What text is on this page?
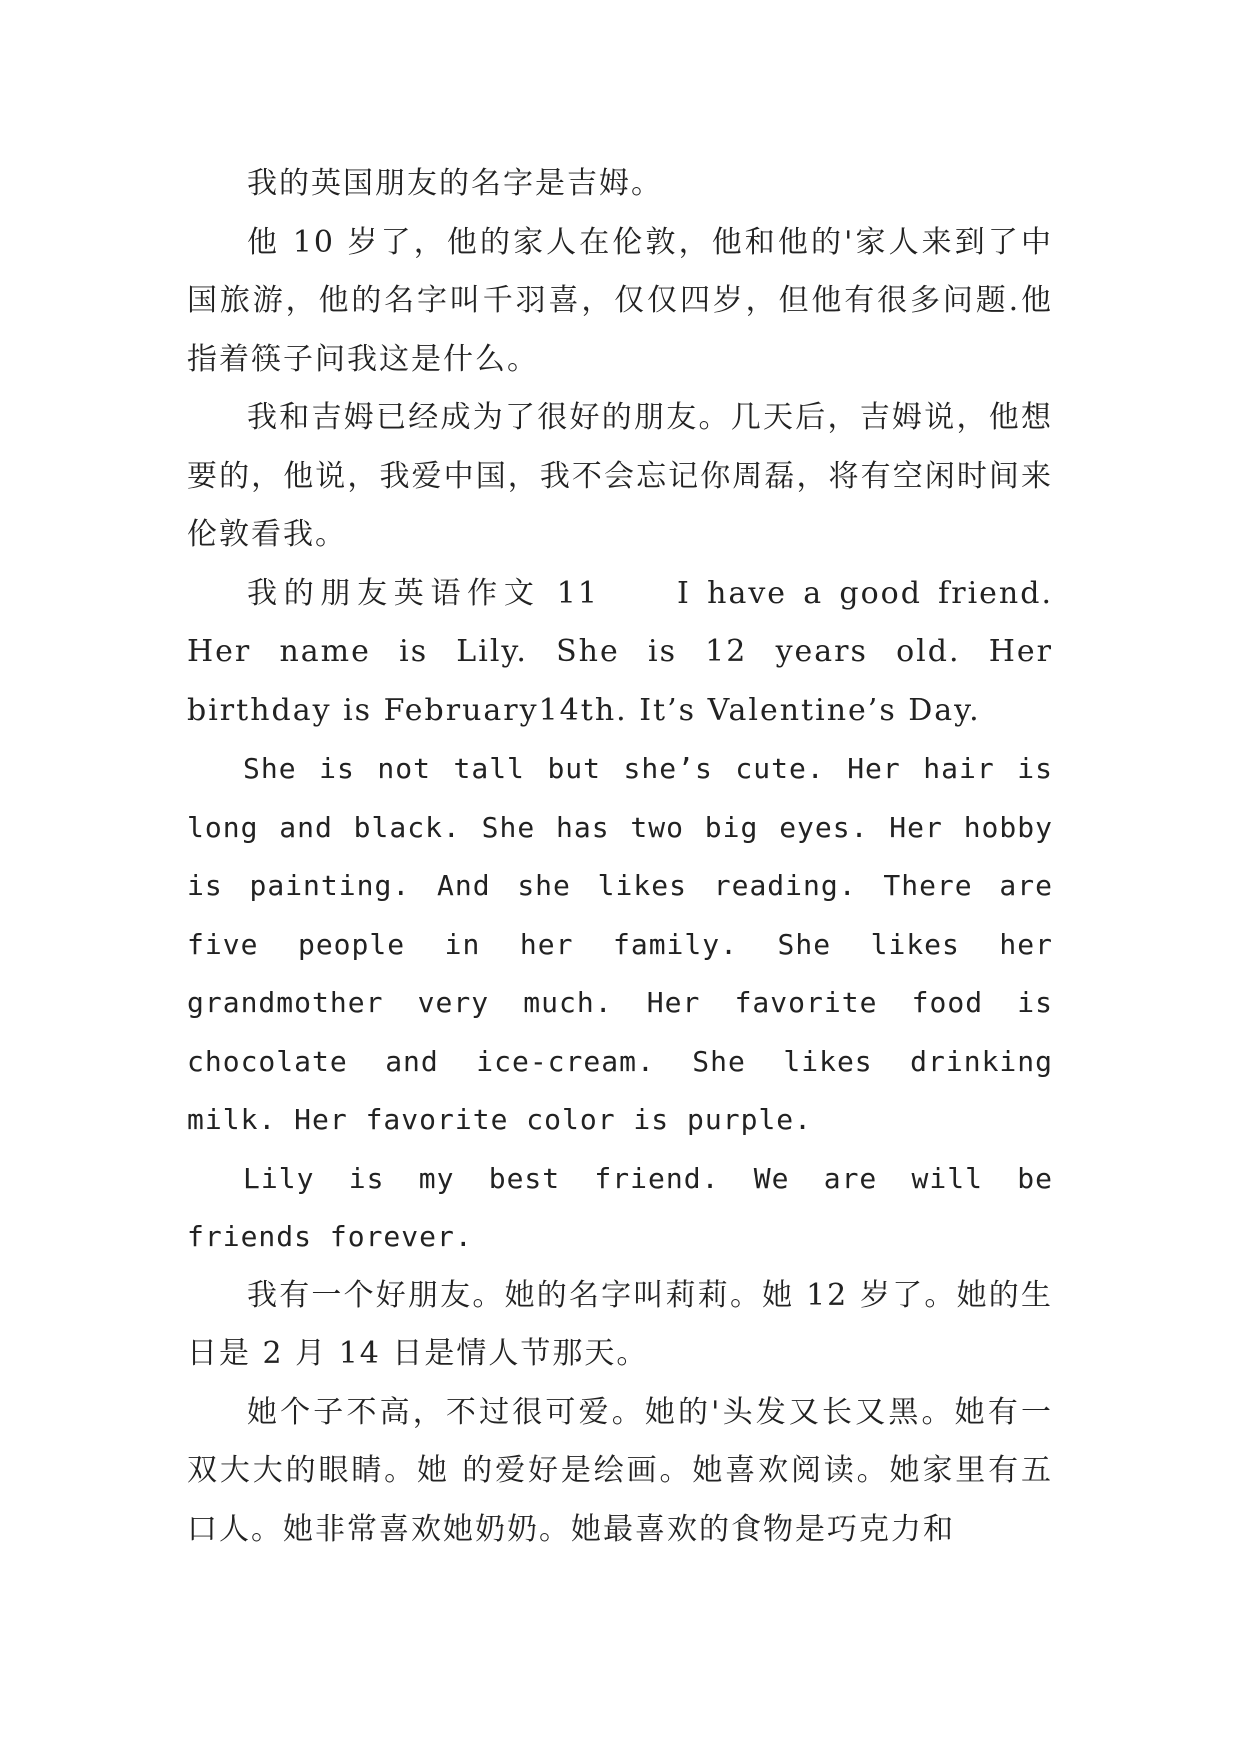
我的英国朋友的名字是吉姆。

他 10 岁了，他的家人在伦敦，他和他的'家人来到了中国旅游，他的名字叫千羽喜，仅仅四岁，但他有很多问题.他指着筷子问我这是什么。

我和吉姆已经成为了很好的朋友。几天后，吉姆说，他想要的，他说，我爱中国，我不会忘记你周磊，将有空闲时间来伦敦看我。

我的朋友英语作文 11　　I have a good friend. Her name is Lily. She is 12 years old. Her birthday is February14th. It’s Valentine’s Day.

She is not tall but she’s cute. Her hair is long and black. She has two big eyes. Her hobby is painting. And she likes reading. There are five people in her family. She likes her grandmother very much. Her favorite food is chocolate and ice-cream. She likes drinking milk. Her favorite color is purple.

Lily is my best friend. We are will be friends forever.

我有一个好朋友。她的名字叫莉莉。她 12 岁了。她的生日是 2 月 14 日是情人节那天。

她个子不高，不过很可爱。她的'头发又长又黑。她有一双大大的眼睛。她 的爱好是绘画。她喜欢阅读。她家里有五口人。她非常喜欢她奶奶。她最喜欢的食物是巧克力和
